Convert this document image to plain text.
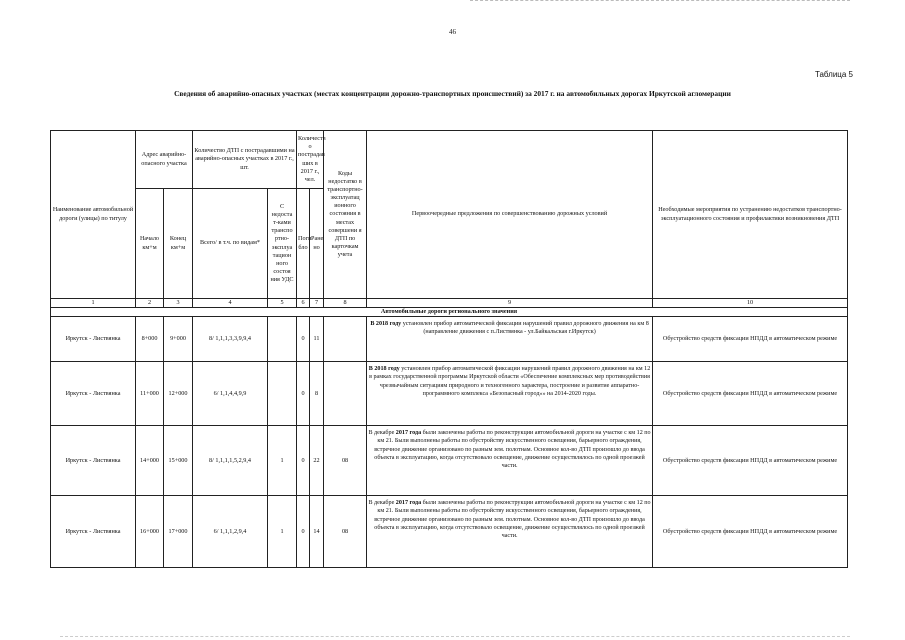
46
Таблица 5
Сведения об аварийно-опасных участках (местах концентрации дорожно-транспортных происшествий) за 2017 г. на автомобильных дорогах Иркутской агломерации
Наименование автомобильной дороги (улицы) по титулу	Адрес аварийно-опасного участка		Количество ДТП с пострадавшими на аварийно-опасных участках в 2017 г., шт.		Количеств о пострадав ших в 2017 г., чел.		Коды недостатко в транспортно-эксплуатац ионного состояния в местах совершени я ДТП по карточкам учета	Первоочередные предложения по совершенствованию дорожных условий	Необходимые мероприятия по устранению недостатков транспортно-эксплуатационного состояния и профилактики возникновения ДТП
	Начало км+м	Конец км+м	Всего/ в т.ч. по видам*	С недоста т-ками транспо ртно-эксплуа тацион ного состоя ния УДС	Поги бло	Ране но			
1	2	3	4	5	6	7	8	9	10
Автомобильные дороги регионального значения									
Иркутск - Листвянка	8+000	9+000	8/ 1,1,1,3,3,9,9,4		0	11		В 2018 году установлен прибор автоматической фиксации нарушений правил дорожного движения на км 8 (направление движения с п.Листвянка - ул.Байкальская г.Иркутск)	Обустройство средств фиксации НПДД в автоматическом режиме
Иркутск - Листвянка	11+000	12+000	6/ 1,1,4,4,9,9		0	8		В 2018 году установлен прибор автоматической фиксации нарушений правил дорожного движения на км 12 в рамках государственной программы Иркутской области «Обеспечение комплексных мер противодействия чрезвычайным ситуациям природного и техногенного характера, построение и развитие аппаратно-программного комплекса «Безопасный город»» на 2014-2020 годы.	Обустройство средств фиксации НПДД в автоматическом режиме
Иркутск - Листвянка	14+000	15+000	8/ 1,1,1,1,5,2,9,4	1	0	22	08	В декабре 2017 года были закончены работы по реконструкции автомобильной дороги на участке с км 12 по км 21. Были выполнены работы по обустройству искусственного освещения, барьерного ограждения, встречное движение организовано по разным зем. полотнам. Основное кол-во ДТП произошло до ввода объекта в эксплуатацию, когда отсутствовало освещение, движение осуществлялось по одной проезжей части.	Обустройство средств фиксации НПДД в автоматическом режиме
Иркутск - Листвянка	16+000	17+000	6/ 1,1,1,2,9,4	1	0	14	08	В декабре 2017 года были закончены работы по реконструкции автомобильной дороги на участке с км 12 по км 21. Были выполнены работы по обустройству искусственного освещения, барьерного ограждения, встречное движение организовано по разным зем. полотнам. Основное кол-во ДТП произошло до ввода объекта в эксплуатацию, когда отсутствовало освещение, движение осуществлялось по одной проезжей части.	Обустройство средств фиксации НПДД в автоматическом режиме
